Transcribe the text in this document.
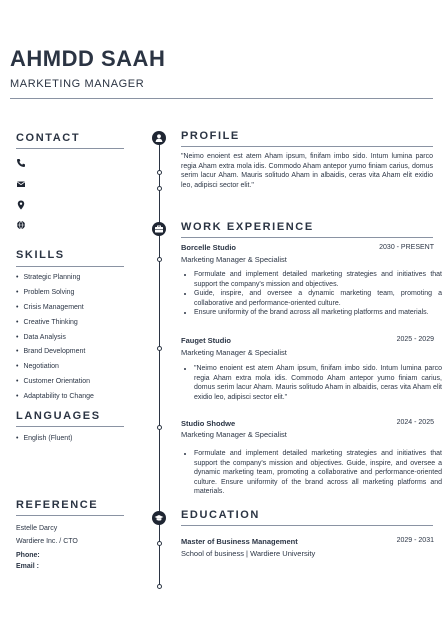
AHMDD SAAH
MARKETING MANAGER
CONTACT
SKILLS
• Strategic Planning
• Problem Solving
• Crisis Management
• Creative Thinking
• Data Analysis
• Brand Development
• Negotiation
• Customer Orientation
• Adaptability to Change
LANGUAGES
• English (Fluent)
REFERENCE
Estelle Darcy
Wardiere Inc. / CTO
Phone:
Email :
PROFILE

"Neimo enoient est atem Aham ipsum, finifam imbo sido. Intum lumina parco regia Aham extra mola idis. Commodo Aham antepor yumo finiam carius, domus serim lacur Aham. Mauris solitudo Aham in albaidis, ceras vita Aham elit exidio leo, adipisci sector elit."

WORK EXPERIENCE
Borcelle Studio	2030 - PRESENT
Marketing Manager & Specialist
• Formulate and implement detailed marketing strategies and initiatives that support the company's mission and objectives.
• Guide, inspire, and oversee a dynamic marketing team, promoting a collaborative and performance-oriented culture.
• Ensure uniformity of the brand across all marketing platforms and materials.
Fauget Studio	2025 - 2029
Marketing Manager & Specialist
• "Neimo enoient est atem Aham ipsum, finifam imbo sido. Intum lumina parco regia Aham extra mola idis. Commodo Aham antepor yumo finiam carius, domus serim lacur Aham. Mauris solitudo Aham in albaidis, ceras vita Aham elit exidio leo, adipisci sector elit."
Studio Shodwe	2024 - 2025
Marketing Manager & Specialist
• Formulate and implement detailed marketing strategies and initiatives that support the company's mission and objectives. Guide, inspire, and oversee a dynamic marketing team, promoting a collaborative and performance-oriented culture. Ensure uniformity of the brand across all marketing platforms and materials.
EDUCATION
Master of Business Management	2029 - 2031
School of business | Wardiere University
